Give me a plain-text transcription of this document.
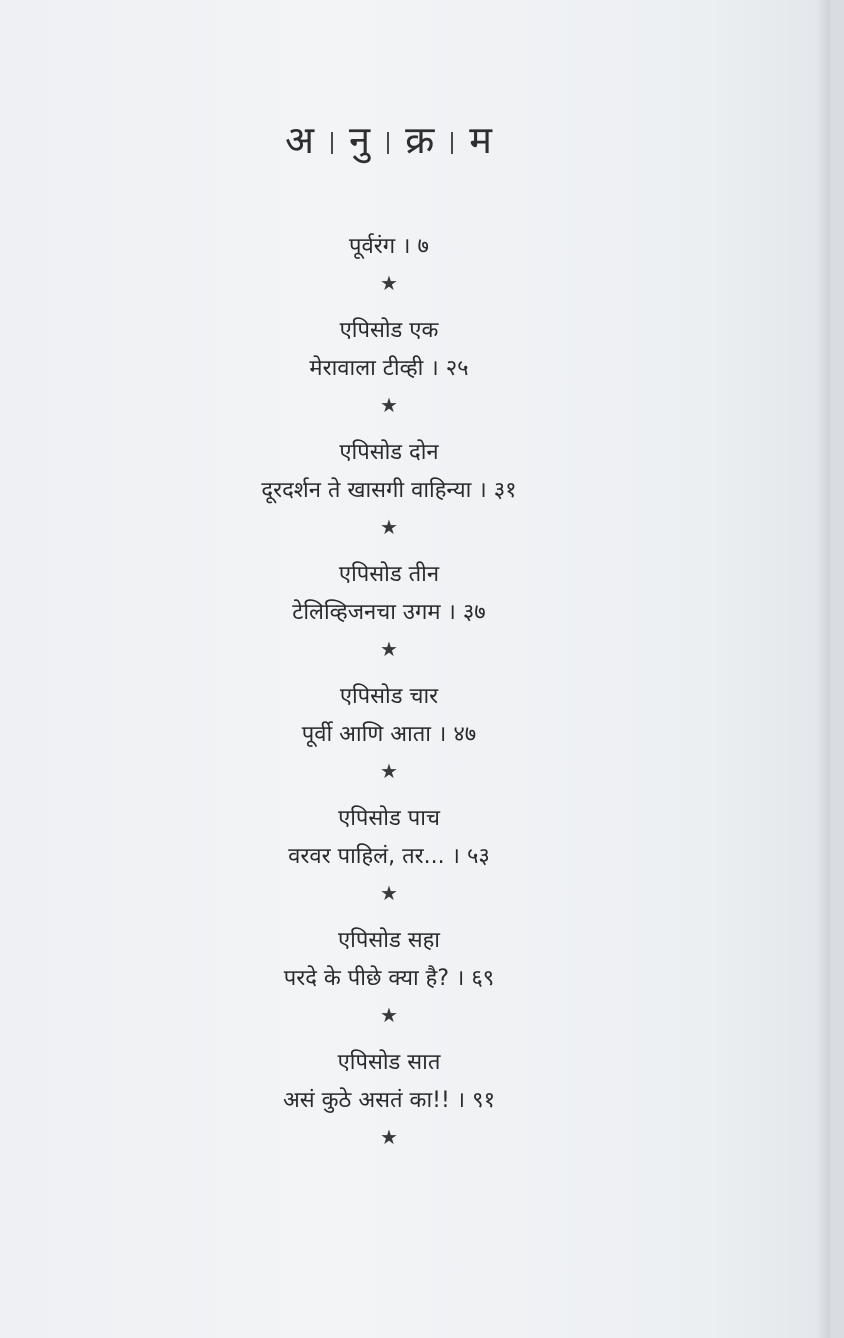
अ नु क्र म
पूर्वरंग । ७
★
एपिसोड एक
मेरावाला टीव्ही । २५
★
एपिसोड दोन
दूरदर्शन ते खासगी वाहिन्या । ३१
★
एपिसोड तीन
टेलिव्हिजनचा उगम । ३७
★
एपिसोड चार
पूर्वी आणि आता । ४७
★
एपिसोड पाच
वरवर पाहिलं, तर... । ५३
★
एपिसोड सहा
परदे के पीछे क्या है? । ६९
★
एपिसोड सात
असं कुठे असतं का!! । ९१
★
